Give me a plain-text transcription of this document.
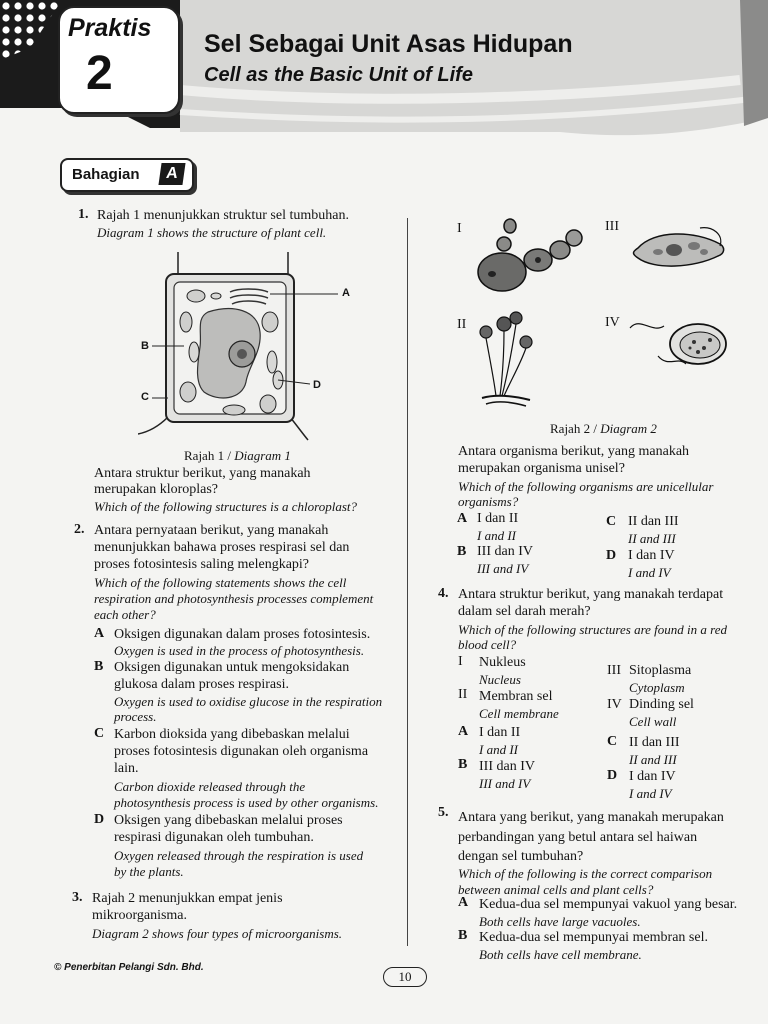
Praktis
2
Sel Sebagai Unit Asas Hidupan
Cell as the Basic Unit of Life
Bahagian	A
1. Rajah 1 menunjukkan struktur sel tumbuhan.
Diagram 1 shows the structure of plant cell.
A
B
C
D
Rajah 1 / Diagram 1
Antara struktur berikut, yang manakah
merupakan kloroplas?
Which of the following structures is a chloroplast?
2. Antara pernyataan berikut, yang manakah
menunjukkan bahawa proses respirasi sel dan
proses fotosintesis saling melengkapi?
Which of the following statements shows the cell
respiration and photosynthesis processes complement
each other?
A Oksigen digunakan dalam proses fotosintesis.
Oxygen is used in the process of photosynthesis.
B Oksigen digunakan untuk mengoksidakan
glukosa dalam proses respirasi.
Oxygen is used to oxidise glucose in the respiration
process.
C Karbon dioksida yang dibebaskan melalui
proses fotosintesis digunakan oleh organisma
lain.
Carbon dioxide released through the
photosynthesis process is used by other organisms.
D Oksigen yang dibebaskan melalui proses
respirasi digunakan oleh tumbuhan.
Oxygen released through the respiration is used
by the plants.
3. Rajah 2 menunjukkan empat jenis
mikroorganisma.
Diagram 2 shows four types of microorganisms.
I	III
II	IV
Rajah 2 / Diagram 2
Antara organisma berikut, yang manakah
merupakan organisma unisel?
Which of the following organisms are unicellular
organisms?
A I dan II
I and II
B III dan IV
III and IV
C II dan III
II and III
D I dan IV
I and IV
4. Antara struktur berikut, yang manakah terdapat
dalam sel darah merah?
Which of the following structures are found in a red
blood cell?
I Nukleus
Nucleus
II Membran sel
Cell membrane
III Sitoplasma
Cytoplasm
IV Dinding sel
Cell wall
A I dan II
I and II
B III dan IV
III and IV
C II dan III
II and III
D I dan IV
I and IV
5. Antara yang berikut, yang manakah merupakan
perbandingan yang betul antara sel haiwan
dengan sel tumbuhan?
Which of the following is the correct comparison
between animal cells and plant cells?
A Kedua-dua sel mempunyai vakuol yang besar.
Both cells have large vacuoles.
B Kedua-dua sel mempunyai membran sel.
Both cells have cell membrane.
© Penerbitan Pelangi Sdn. Bhd.
10
